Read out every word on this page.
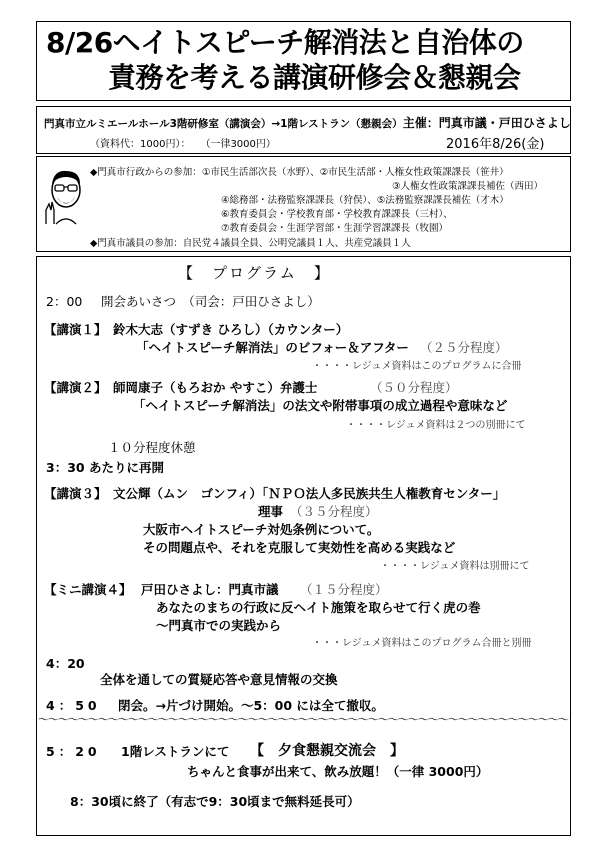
8/26ヘイトスピーチ解消法と自治体の
責務を考える講演研修会＆懇親会
門真市立ルミエールホール3階研修室（講演会）→1階レストラン（懇親会）主催：門真市議・戸田ひさよし
（資料代：1000円）：　　（一律3000円）	2016年8/26(金)
◆門真市行政からの参加：①市民生活部次長（水野）、②市民生活部・人権女性政策課課長（笹井）
③人権女性政策課課長補佐（西田）
④総務部・法務監察課課長（狩俣）、⑤法務監察課課長補佐（才木）
⑥教育委員会・学校教育部・学校教育課課長（三村）、
⑦教育委員会・生涯学習部・生涯学習課課長（牧園）
◆門真市議員の参加：自民党４議員全員、公明党議員１人、共産党議員１人
【　プログラム　】
2：00 開会あいさつ　（司会：戸田ひさよし）
【講演１】 鈴木大志（すずき ひろし）（カウンター）
「ヘイトスピーチ解消法」のビフォー＆アフター （２５分程度）
・・・・レジュメ資料はこのプログラムに合冊
【講演２】 師岡康子（もろおか やすこ）弁護士	（５０分程度）
「ヘイトスピーチ解消法」の法文や附帯事項の成立過程や意味など
・・・・レジュメ資料は２つの別冊にて
１０分程度休憩
3：30 あたりに再開
【講演３】 文公輝（ムン　ゴンフィ）「ＮＰＯ法人多民族共生人権教育センター」
理事 （３５分程度）
大阪市ヘイトスピーチ対処条例について。
その問題点や、それを克服して実効性を高める実践など
・・・・レジュメ資料は別冊にて
【ミニ講演４】 戸田ひさよし：門真市議 （１５分程度）
あなたのまちの行政に反ヘイト施策を取らせて行く虎の巻
～門真市での実践から
・・・レジュメ資料はこのプログラム合冊と別冊
4：20
全体を通しての質疑応答や意見情報の交換
4：50 閉会。→片づけ開始。～5：00 には全て撤収。
～～～～～～～～～～～～～～～～～～～～～～～～～～～～～～～～～～～～～～～～～～～～～～～～～～～～～
5：20 1階レストランにて 【　夕食懇親交流会　】
ちゃんと食事が出来て、飲み放題！（一律 3000円）
8：30頃に終了（有志で9：30頃まで無料延長可）
